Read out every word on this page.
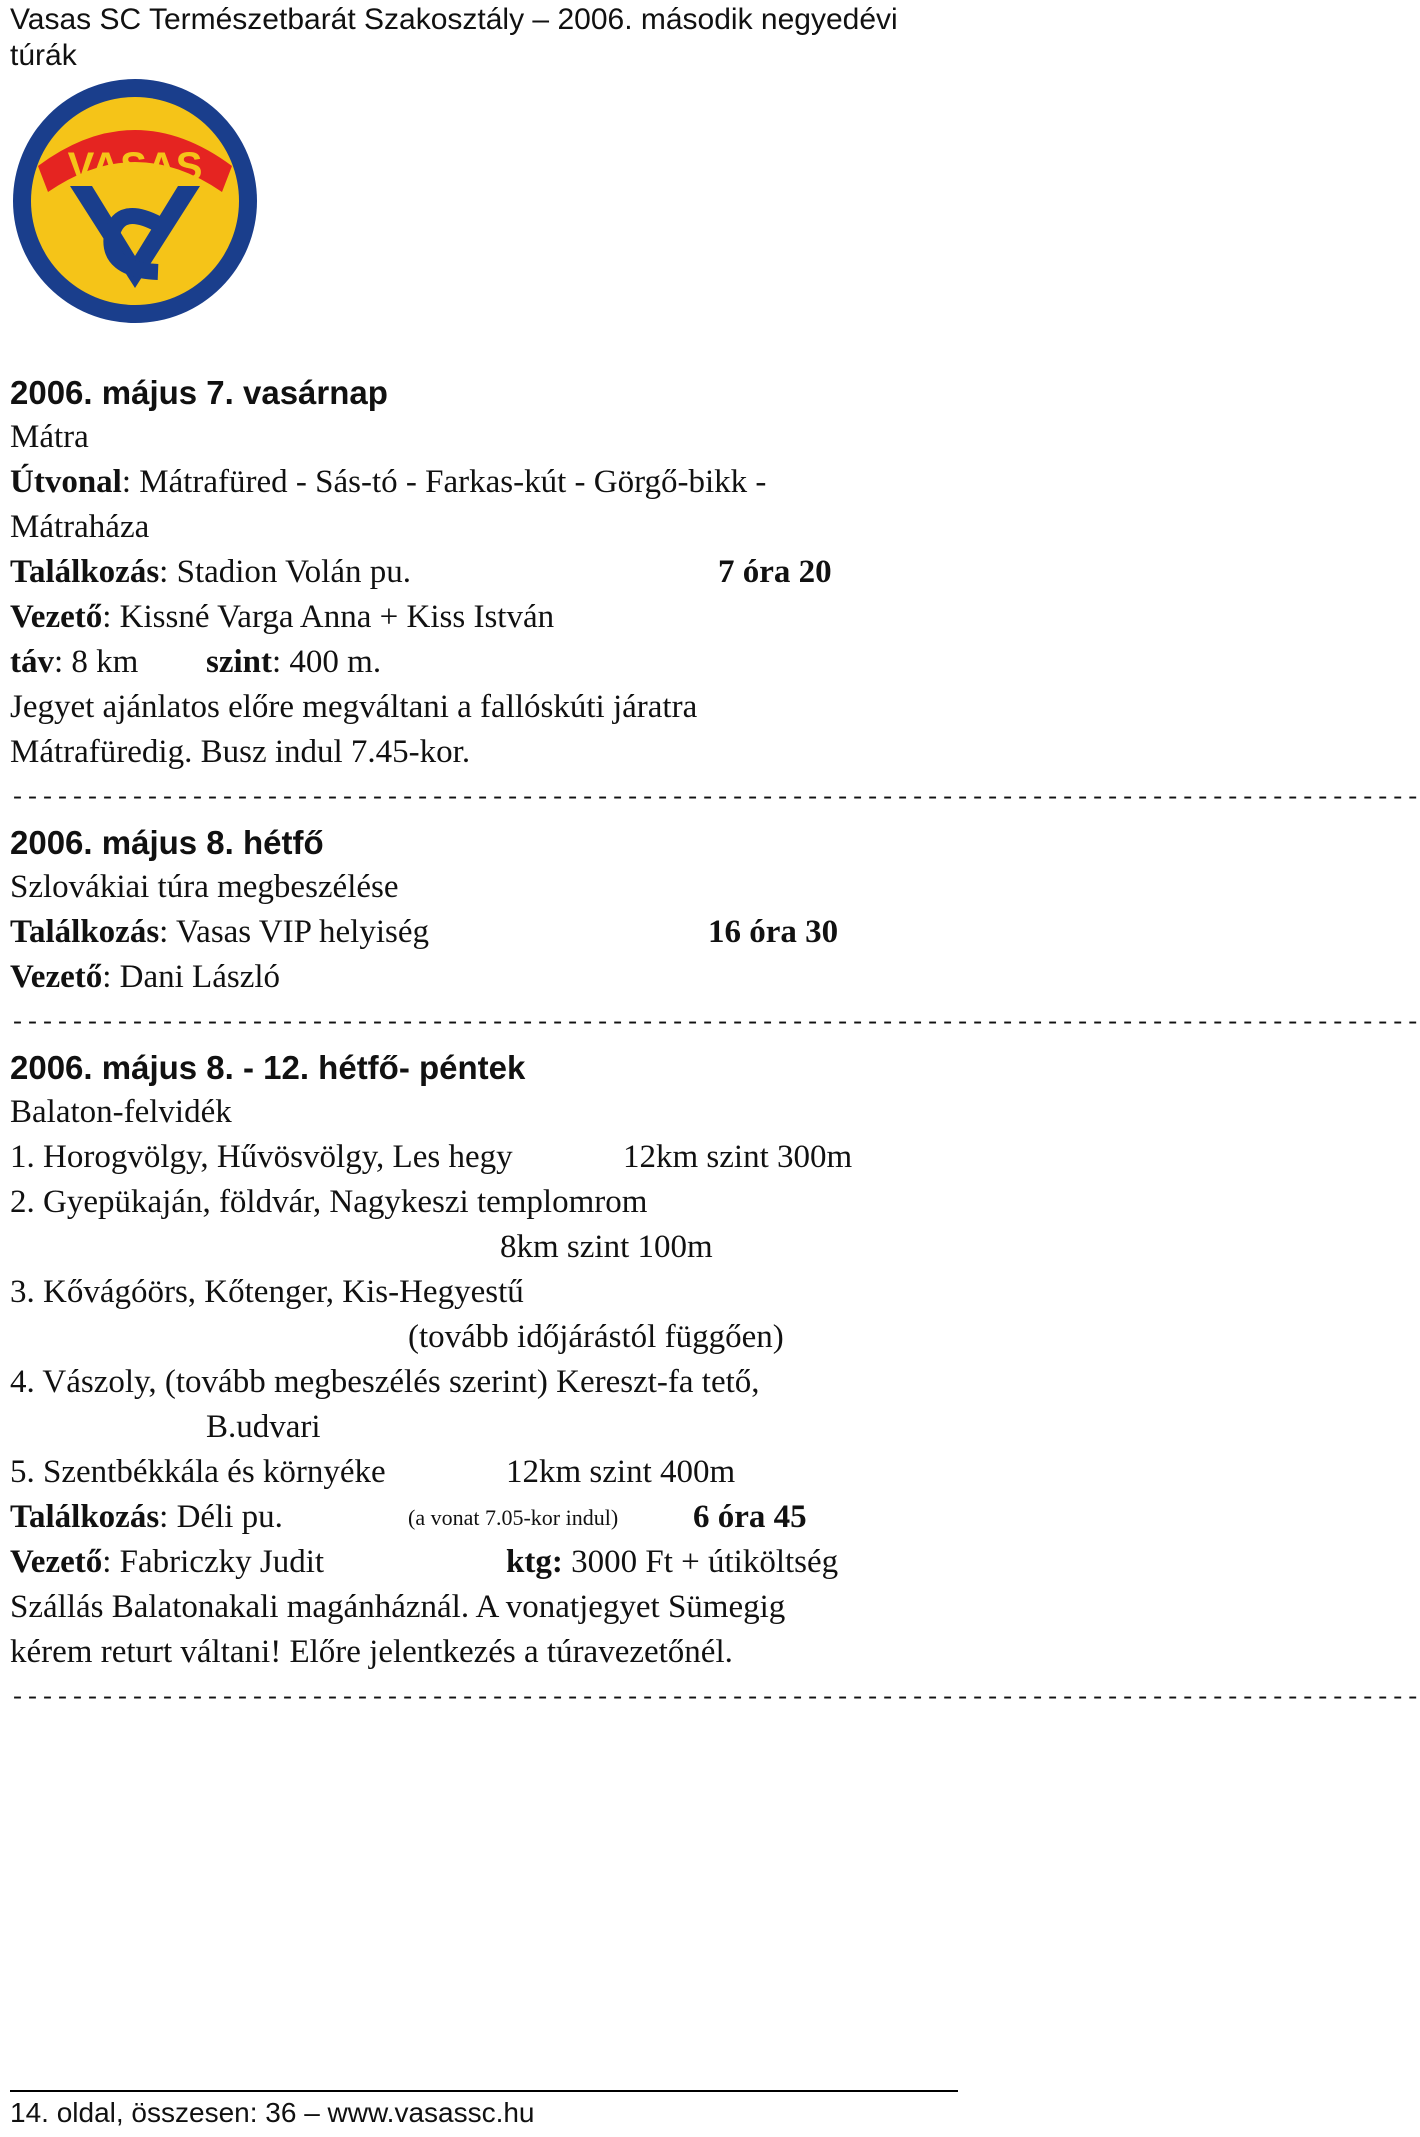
Vasas SC Természetbarát Szakosztály – 2006. második negyedévi túrák
VASAS
2006. május 7. vasárnap
Mátra
Útvonal: Mátrafüred - Sás-tó - Farkas-kút - Görgő-bikk -
Mátraháza
Találkozás: Stadion Volán pu.	7 óra 20
Vezető: Kissné Varga Anna + Kiss István
táv: 8 km szint: 400 m.
Jegyet ajánlatos előre megváltani a fallóskúti járatra
Mátrafüredig. Busz indul 7.45-kor.
----------------------------------------------------------------------------------------------
2006. május 8. hétfő
Szlovákiai túra megbeszélése
Találkozás: Vasas VIP helyiség	16 óra 30
Vezető: Dani László
----------------------------------------------------------------------------------------------
2006. május 8. - 12. hétfő- péntek
Balaton-felvidék
1. Horogvölgy, Hűvösvölgy, Les hegy	12km szint 300m
2. Gyepükaján, földvár, Nagykeszi templomrom
8km szint 100m
3. Kővágóörs, Kőtenger, Kis-Hegyestű
(tovább időjárástól függően)
4. Vászoly, (tovább megbeszélés szerint) Kereszt-fa tető,
B.udvari
5. Szentbékkála és környéke	12km szint 400m
Találkozás: Déli pu.	(a vonat 7.05-kor indul) 6 óra 45
Vezető: Fabriczky Judit	ktg: 3000 Ft + útiköltség
Szállás Balatonakali magánháznál. A vonatjegyet Sümegig
kérem returt váltani! Előre jelentkezés a túravezetőnél.
----------------------------------------------------------------------------------------------
14. oldal, összesen: 36 – www.vasassc.hu
